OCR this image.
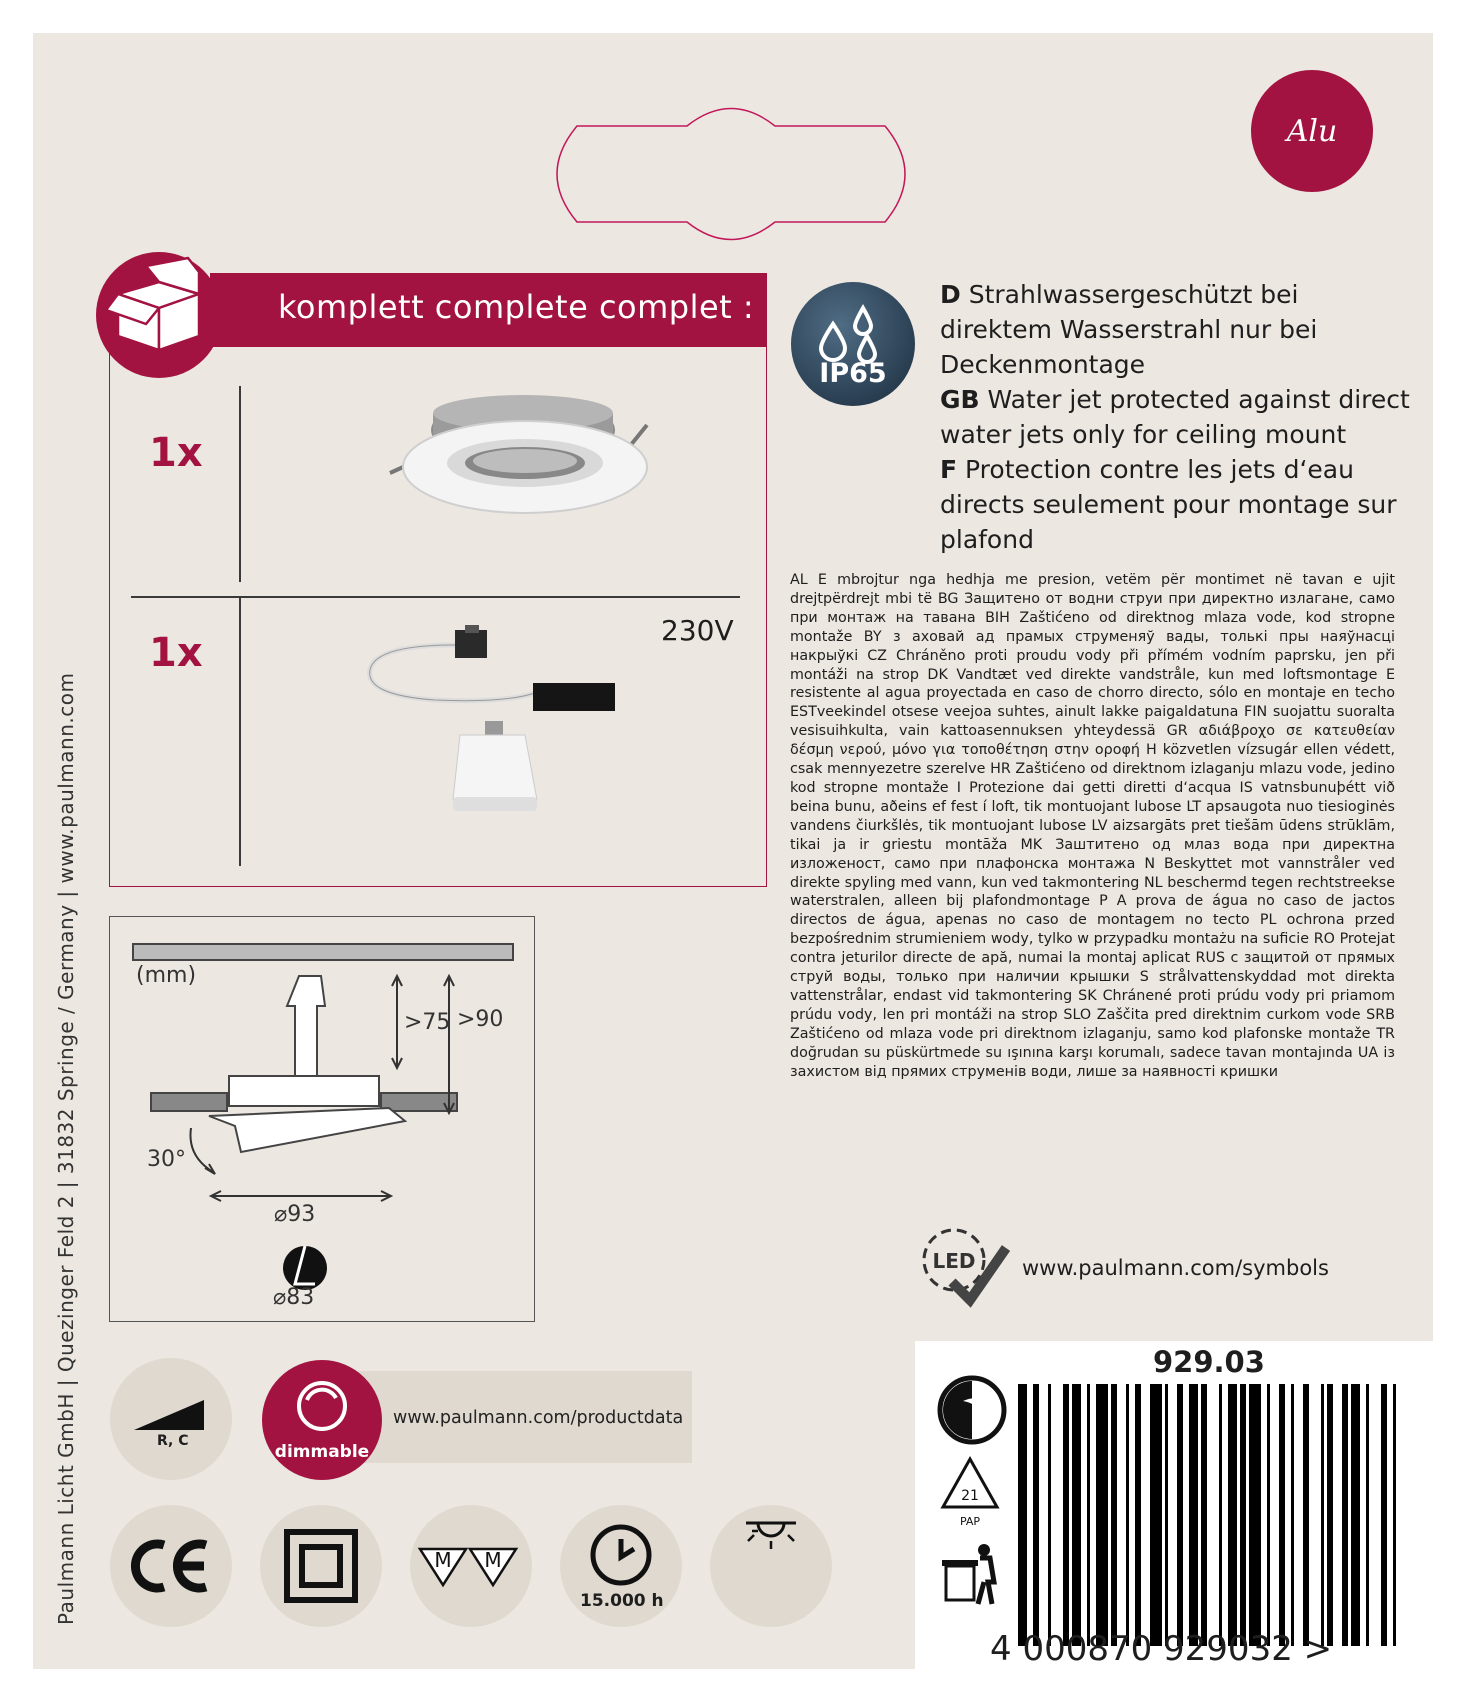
Alu
komplett complete complet :
1x
1x	230V
IP65
D Strahlwassergeschützt bei direktem Wasserstrahl nur bei Deckenmontage
GB Water jet protected against direct water jets only for ceiling mount
F Protection contre les jets d‘eau directs seulement pour montage sur plafond
AL E mbrojtur nga hedhja me presion, vetëm për montimet në tavan e ujit drejtpërdrejt mbi të BG Защитено от водни струи при директно излагане, само при монтаж на тавана BIH Zaštićeno od direktnog mlaza vode, kod stropne montaže BY з аховай ад прамых струменяў вады, толькі пры наяўнасці накрыўкі CZ Chráněno proti proudu vody při přímém vodním paprsku, jen při montáži na strop DK Vandtæt ved direkte vandstråle, kun med loftsmontage E resistente al agua proyectada en caso de chorro directo, sólo en montaje en techo ESTveekindel otsese veejoa suhtes, ainult lakke paigaldatuna FIN suojattu suoralta vesisuihkulta, vain kattoasennuksen yhteydessä GR αδιάβροχο σε κατευθείαν δέσμη νερού, μόνο για τοποθέτηση στην οροφή H közvetlen vízsugár ellen védett, csak mennyezetre szerelve HR Zaštićeno od direktnom izlaganju mlazu vode, jedino kod stropne montaže I Protezione dai getti diretti d‘acqua IS vatnsbunuþétt við beina bunu, aðeins ef fest í loft, tik montuojant lubose LT apsaugota nuo tiesioginės vandens čiurkšlės, tik montuojant lubose LV aizsargāts pret tiešām ūdens strūklām, tikai ja ir griestu montāža MK Заштитено од млаз вода при директна изложеност, само при плафонска монтажа N Beskyttet mot vannstråler ved direkte spyling med vann, kun ved takmontering NL beschermd tegen rechtstreekse waterstralen, alleen bij plafondmontage P A prova de água no caso de jactos directos de água, apenas no caso de montagem no tecto PL ochrona przed bezpośrednim strumieniem wody, tylko w przypadku montażu na suficie RO Protejat contra jeturilor directe de apă, numai la montaj aplicat RUS с защитой от прямых струй воды, только при наличии крышки S strålvattenskyddad mot direkta vattenstrålar, endast vid takmontering SK Chránené proti prúdu vody pri priamom prúdu vody, len pri montáži na strop SLO Zaščita pred direktnim curkom vode SRB Zaštićeno od mlaza vode pri direktnom izlaganju, samo kod plafonske montaže TR doğrudan su püskürtmede su ışınına karşı korumalı, sadece tavan montajında UA із захистом від прямих струменів води, лише за наявності кришки
(mm)
>75 >90
30°
⌀93
⌀83
Paulmann Licht GmbH | Quezinger Feld 2 | 31832 Springe / Germany | www.paulmann.com	R, C
www.paulmann.com/productdata
dimmable
M M
15.000 h
LED www.paulmann.com/symbols
929.03
21
PAP
4 000870 929032 >
